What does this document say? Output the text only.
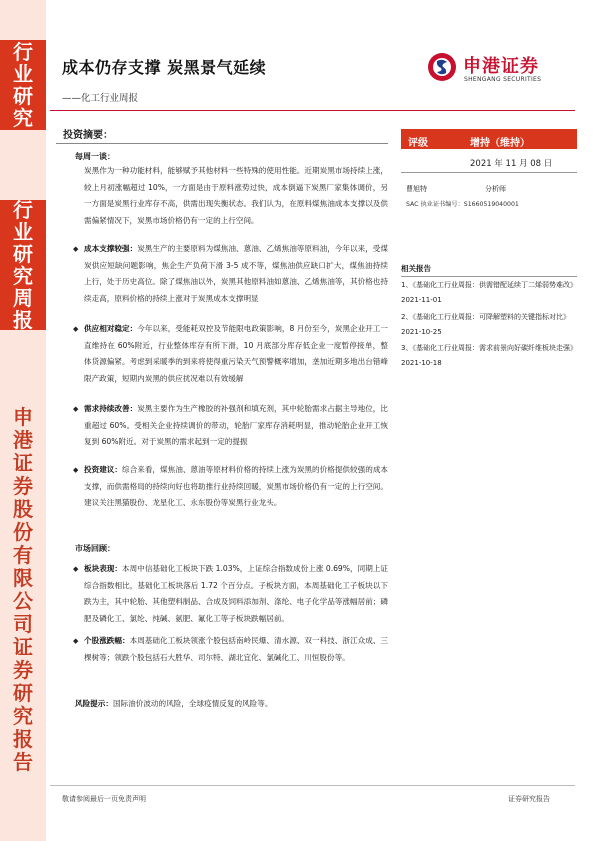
行
业
研
究
行
业
研
究
周
报
申
港
证
券
股
份
有
限
公
司
证
券
研
究
报
告
成本仍存支撑 炭黑景气延续
——化工行业周报
申港证券
SHENGANG SECURITIES
投资摘要：
每周一谈：
炭黑作为一种功能材料，能够赋予其他材料一些特殊的使用性能。近期炭黑市场持续上涨，较上月初涨幅超过 10%，一方面是由于原料涨势过快，成本倒逼下炭黑厂家集体调价，另一方面是炭黑行业库存不高，供需出现失衡状态。我们认为，在原料煤焦油成本支撑以及供需偏紧情况下，炭黑市场价格仍有一定的上行空间。
◆ 成本支撑较强：炭黑生产的主要原料为煤焦油、蒽油、乙烯焦油等原料油，今年以来，受煤炭供应短缺问题影响，焦企生产负荷下滑 3-5 成不等，煤焦油供应缺口扩大，煤焦油持续上行，处于历史高位。除了煤焦油以外，炭黑其他原料油如蒽油、乙烯焦油等，其价格也持续走高，原料价格的持续上涨对于炭黑成本支撑明显
◆ 供应相对稳定：今年以来，受能耗双控及节能限电政策影响，8 月份至今，炭黑企业开工一直维持在 60%附近，行业整体库存有所下滑，10 月底部分库存低企业一度暂停接单，整体货源偏紧。考虑到采暖季的到来将使得重污染天气预警概率增加，垄加近期多地出台错峰限产政策，短期内炭黑的供应扰况难以有效缓解
◆ 需求持续改善：炭黑主要作为生产橡胶的补强剂和填充剂，其中轮胎需求占据主导地位，比重超过 60%。受相关企业持续调价的带动，轮胎厂家库存消耗明显，推动轮胎企业开工恢复到 60%附近。对于炭黑的需求起到一定的提振
◆ 投资建议：综合来看，煤焦油、蒽油等原材料价格的持续上涨为炭黑的价格提供较强的成本支撑，而供需格局的持续向好也将助推行业持续回暖，炭黑市场价格仍有一定的上行空间。建议关注黑猫股份、龙星化工、永东股份等炭黑行业龙头。
市场回顾：
◆ 板块表现：本周中信基础化工板块下跌 1.03%，上证综合指数成份上涨 0.69%，同期上证综合指数相比，基础化工板块落后 1.72 个百分点。子板块方面，本周基础化工子板块以下跌为主，其中轮胎、其他塑料制品、合成及饲料添加剂、涤纶、电子化学品等涨幅居前；磷肥及磷化工、氯纶、纯碱、氨肥、氟化工等子板块跌幅居前。
◆ 个股涨跌幅：本周基础化工板块领涨个股包括南岭民爆、清水源、双一科技、浙江众成、三棵树等；领跌个股包括石大胜华、司尔特、湖北宜化、氯碱化工、川恒股份等。
风险提示：国际油价波动的风险，全球疫情反复的风险等。
评级	增持（维持）
2021 年 11 月 08 日
曹旭特	分析师
SAC 执业证书编号：S1660519040001
相关报告
1、《基础化工行业周报：供需错配延续丁二烯弱势难改》2021-11-01
2、《基础化工行业周报：可降解塑料的关键指标对比》2021-10-25
3、《基础化工行业周报：需求前景向好碳纤维板块走强》2021-10-18
敬请参阅最后一页免责声明	证券研究报告
